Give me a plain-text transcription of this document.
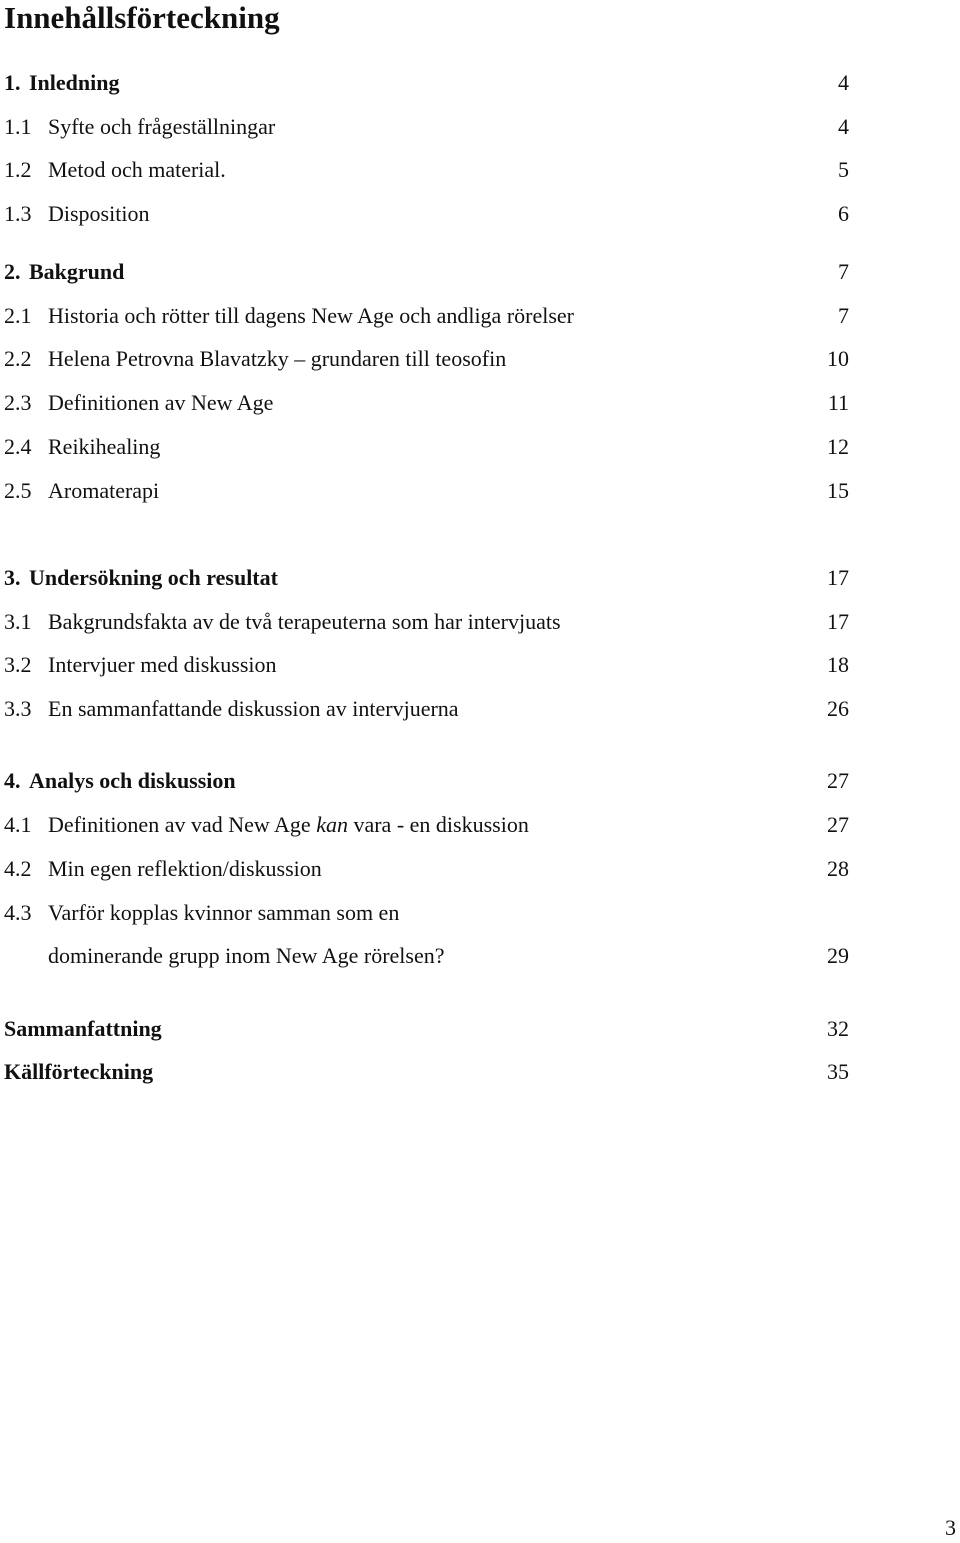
Innehållsförteckning
1. Inledning	4
1.1 Syfte och frågeställningar	4
1.2 Metod och material.	5
1.3 Disposition	6
2. Bakgrund	7
2.1 Historia och rötter till dagens New Age och andliga rörelser	7
2.2 Helena Petrovna Blavatzky – grundaren till teosofin	10
2.3 Definitionen av New Age	11
2.4 Reikihealing	12
2.5 Aromaterapi	15
3. Undersökning och resultat	17
3.1 Bakgrundsfakta av de två terapeuterna som har intervjuats	17
3.2 Intervjuer med diskussion	18
3.3 En sammanfattande diskussion av intervjuerna	26
4. Analys och diskussion	27
4.1 Definitionen av vad New Age kan vara - en diskussion	27
4.2 Min egen reflektion/diskussion	28
4.3 Varför kopplas kvinnor samman som en
dominerande grupp inom New Age rörelsen?	29
Sammanfattning	32
Källförteckning	35
3
